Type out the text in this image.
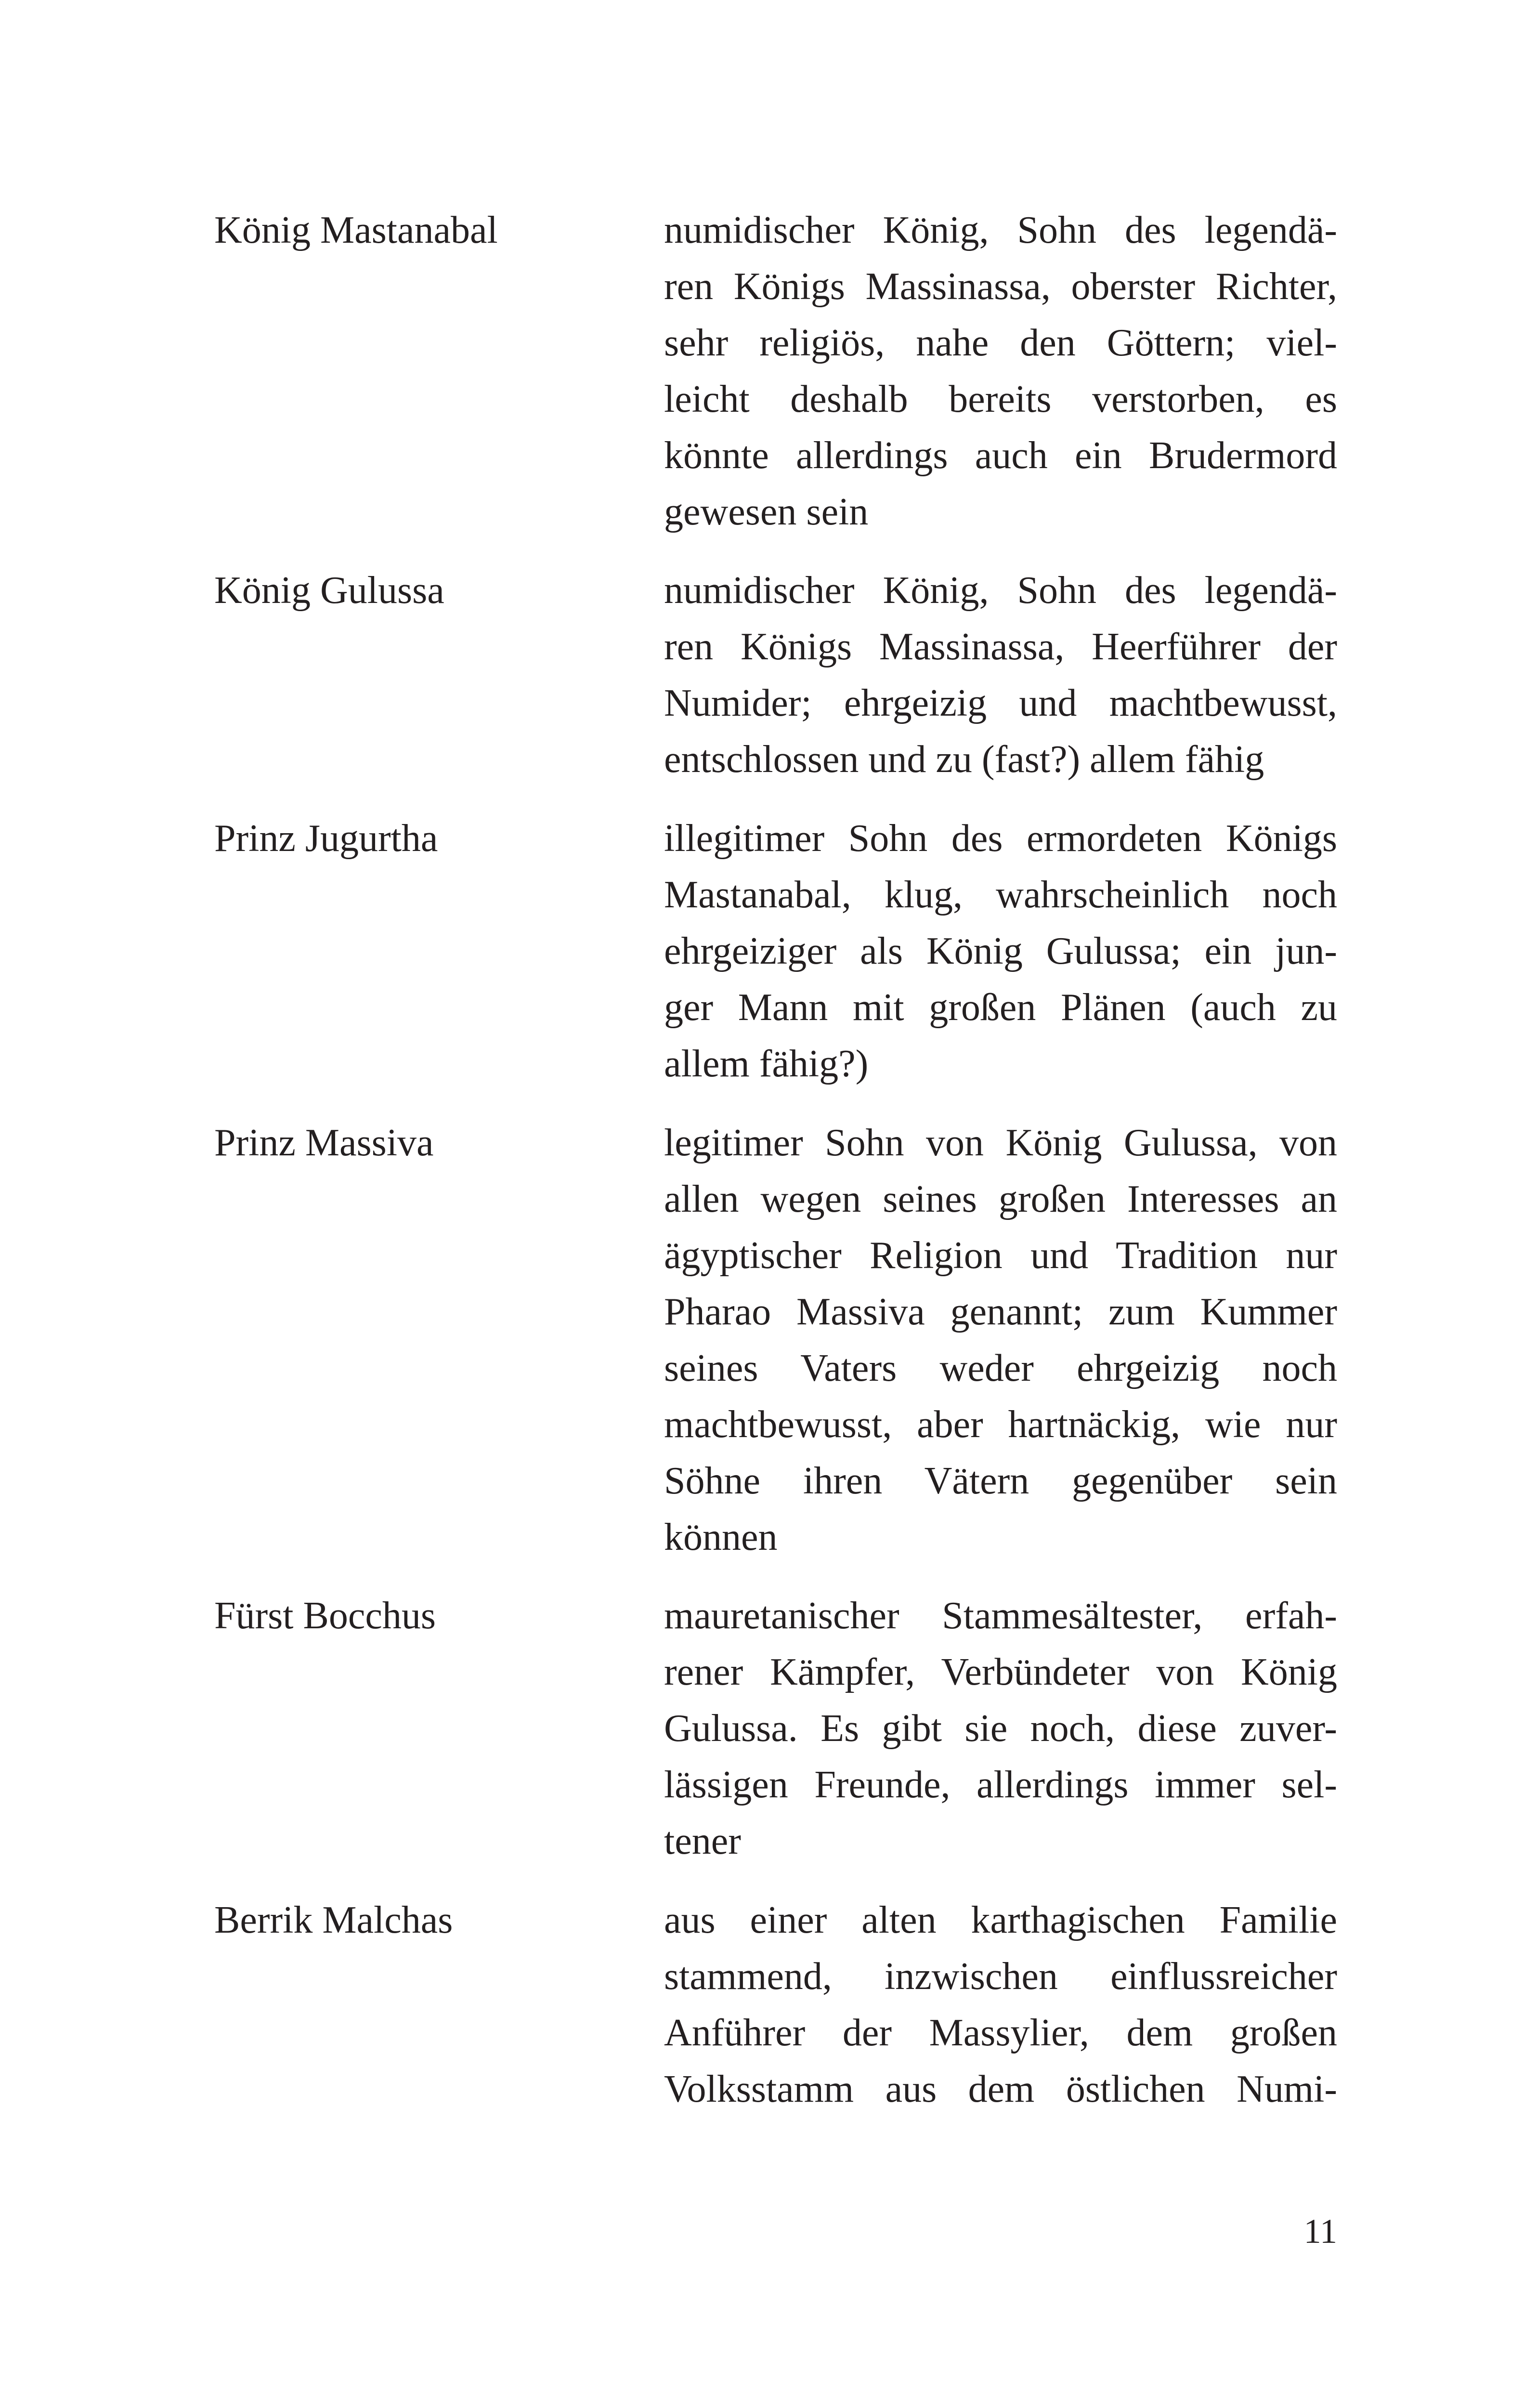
König Mastanabal	numidischer König, Sohn des legendä-
ren Königs Massinassa, oberster Richter,
sehr religiös, nahe den Göttern; viel-
leicht deshalb bereits verstorben, es
könnte allerdings auch ein Brudermord
gewesen sein
König Gulussa	numidischer König, Sohn des legendä-
ren Königs Massinassa, Heerführer der
Numider; ehrgeizig und machtbewusst,
entschlossen und zu (fast?) allem fähig
Prinz Jugurtha	illegitimer Sohn des ermordeten Königs
Mastanabal, klug, wahrscheinlich noch
ehrgeiziger als König Gulussa; ein jun-
ger Mann mit großen Plänen (auch zu
allem fähig?)
Prinz Massiva	legitimer Sohn von König Gulussa, von
allen wegen seines großen Interesses an
ägyptischer Religion und Tradition nur
Pharao Massiva genannt; zum Kummer
seines Vaters weder ehrgeizig noch
machtbewusst, aber hartnäckig, wie nur
Söhne ihren Vätern gegenüber sein
können
Fürst Bocchus	mauretanischer Stammesältester, erfah-
rener Kämpfer, Verbündeter von König
Gulussa. Es gibt sie noch, diese zuver-
lässigen Freunde, allerdings immer sel-
tener
Berrik Malchas	aus einer alten karthagischen Familie
stammend, inzwischen einflussreicher
Anführer der Massylier, dem großen
Volksstamm aus dem östlichen Numi-
11
